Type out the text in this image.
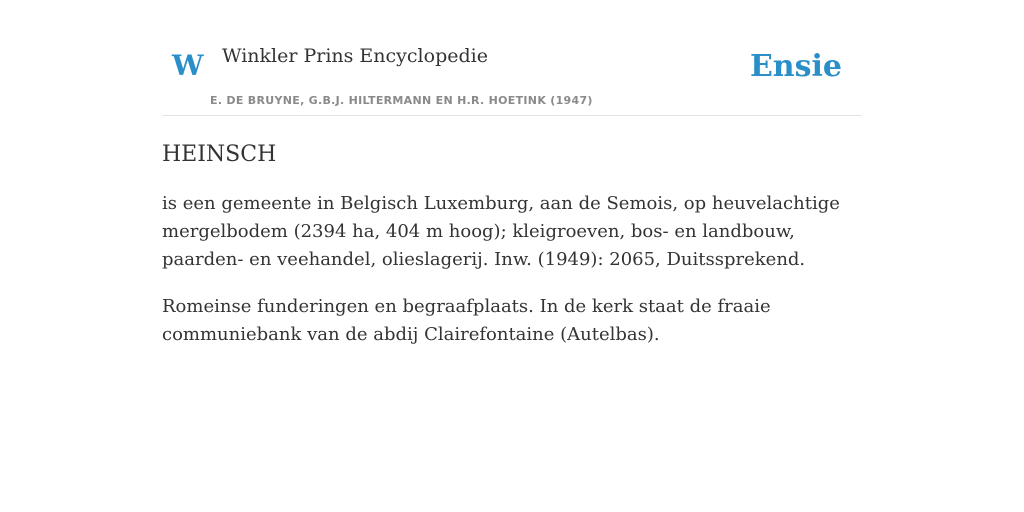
W Winkler Prins Encyclopedie
E. DE BRUYNE, G.B.J. HILTERMANN EN H.R. HOETINK (1947)
Ensie
HEINSCH

is een gemeente in Belgisch Luxemburg, aan de Semois, op heuvelachtige mergelbodem (2394 ha, 404 m hoog); kleigroeven, bos- en landbouw, paarden- en veehandel, olieslagerij. Inw. (1949): 2065, Duitssprekend.

Romeinse funderingen en begraafplaats. In de kerk staat de fraaie communiebank van de abdij Clairefontaine (Autelbas).
